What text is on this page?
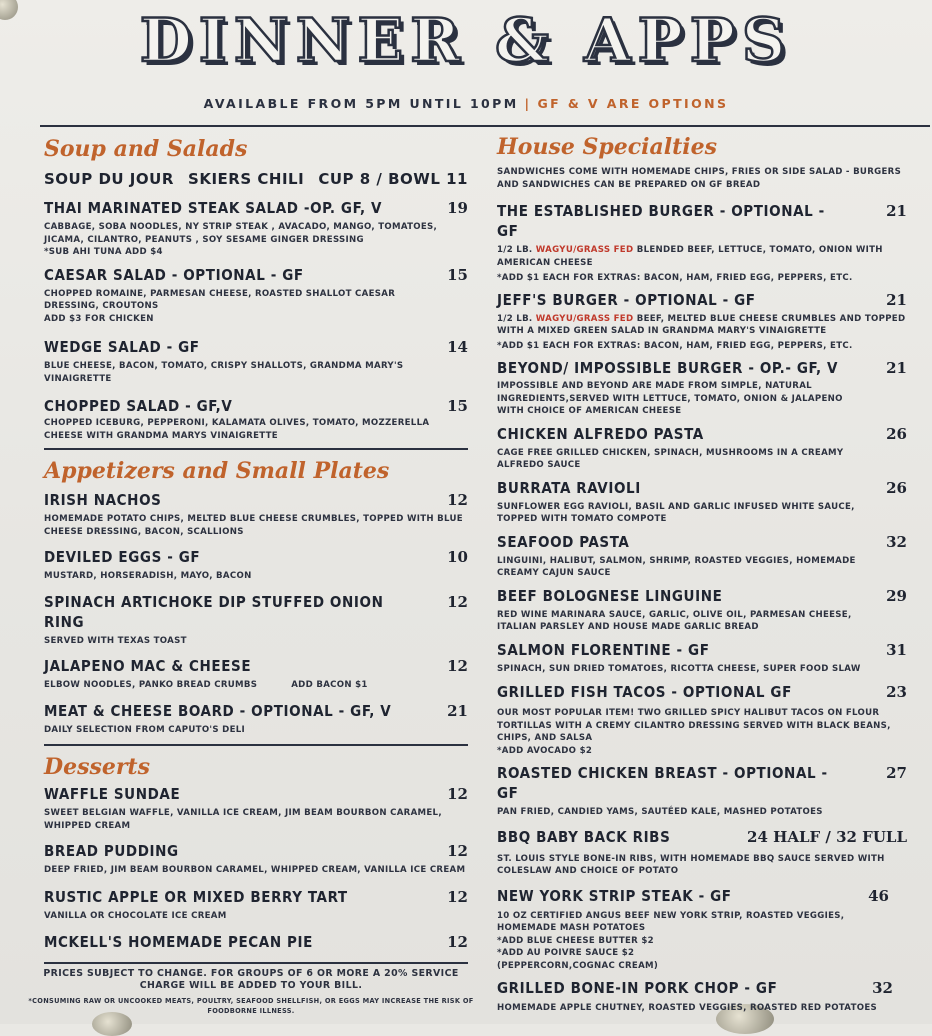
DINNER & APPS
AVAILABLE FROM 5PM UNTIL 10PM | GF & V ARE OPTIONS
Soup and Salads
SOUP DU JOUR SKIERS CHILI CUP 8 / BOWL 11
THAI MARINATED STEAK SALAD -OP. GF, V	19
CABBAGE, SOBA NOODLES, NY STRIP STEAK , AVACADO, MANGO, TOMATOES, JICAMA, CILANTRO, PEANUTS , SOY SESAME GINGER DRESSING
*SUB AHI TUNA ADD $4
CAESAR SALAD - OPTIONAL - GF	15
CHOPPED ROMAINE, PARMESAN CHEESE, ROASTED SHALLOT CAESAR DRESSING, CROUTONS
ADD $3 FOR CHICKEN
WEDGE SALAD - GF	14
BLUE CHEESE, BACON, TOMATO, CRISPY SHALLOTS, GRANDMA MARY'S VINAIGRETTE
CHOPPED SALAD - GF,V	15
CHOPPED ICEBURG, PEPPERONI, KALAMATA OLIVES, TOMATO, MOZZERELLA CHEESE WITH GRANDMA MARYS VINAIGRETTE
Appetizers and Small Plates
IRISH NACHOS	12
HOMEMADE POTATO CHIPS, MELTED BLUE CHEESE CRUMBLES, TOPPED WITH BLUE CHEESE DRESSING, BACON, SCALLIONS
DEVILED EGGS - GF	10
MUSTARD, HORSERADISH, MAYO, BACON
SPINACH ARTICHOKE DIP STUFFED ONION RING
12
SERVED WITH TEXAS TOAST
JALAPENO MAC & CHEESE	12
ELBOW NOODLES, PANKO BREAD CRUMBS	ADD BACON $1
MEAT & CHEESE BOARD - OPTIONAL - GF, V	21
DAILY SELECTION FROM CAPUTO'S DELI
Desserts
WAFFLE SUNDAE	12
SWEET BELGIAN WAFFLE, VANILLA ICE CREAM, JIM BEAM BOURBON CARAMEL, WHIPPED CREAM
BREAD PUDDING	12
DEEP FRIED, JIM BEAM BOURBON CARAMEL, WHIPPED CREAM, VANILLA ICE CREAM
RUSTIC APPLE OR MIXED BERRY TART	12
VANILLA OR CHOCOLATE ICE CREAM
MCKELL'S HOMEMADE PECAN PIE	12
PRICES SUBJECT TO CHANGE. FOR GROUPS OF 6 OR MORE A 20% SERVICE CHARGE WILL BE ADDED TO YOUR BILL.
*CONSUMING RAW OR UNCOOKED MEATS, POULTRY, SEAFOOD SHELLFISH, OR EGGS MAY INCREASE THE RISK OF FOODBORNE ILLNESS.
House Specialties
SANDWICHES COME WITH HOMEMADE CHIPS, FRIES OR SIDE SALAD - BURGERS AND SANDWICHES CAN BE PREPARED ON GF BREAD
THE ESTABLISHED BURGER - OPTIONAL - GF
21
1/2 LB. WAGYU/GRASS FED BLENDED BEEF, LETTUCE, TOMATO, ONION WITH AMERICAN CHEESE
*ADD $1 EACH FOR EXTRAS: BACON, HAM, FRIED EGG, PEPPERS, ETC.
JEFF'S BURGER - OPTIONAL - GF	21
1/2 LB. WAGYU/GRASS FED BEEF, MELTED BLUE CHEESE CRUMBLES AND TOPPED WITH A MIXED GREEN SALAD IN GRANDMA MARY'S VINAIGRETTE
*ADD $1 EACH FOR EXTRAS: BACON, HAM, FRIED EGG, PEPPERS, ETC.
BEYOND/ IMPOSSIBLE BURGER - OP.- GF, V	21
IMPOSSIBLE AND BEYOND ARE MADE FROM SIMPLE, NATURAL INGREDIENTS,SERVED WITH LETTUCE, TOMATO, ONION & JALAPENO WITH CHOICE OF AMERICAN CHEESE
CHICKEN ALFREDO PASTA	26
CAGE FREE GRILLED CHICKEN, SPINACH, MUSHROOMS IN A CREAMY ALFREDO SAUCE
BURRATA RAVIOLI	26
SUNFLOWER EGG RAVIOLI, BASIL AND GARLIC INFUSED WHITE SAUCE, TOPPED WITH TOMATO COMPOTE
SEAFOOD PASTA	32
LINGUINI, HALIBUT, SALMON, SHRIMP, ROASTED VEGGIES, HOMEMADE CREAMY CAJUN SAUCE
BEEF BOLOGNESE LINGUINE	29
RED WINE MARINARA SAUCE, GARLIC, OLIVE OIL, PARMESAN CHEESE, ITALIAN PARSLEY AND HOUSE MADE GARLIC BREAD
SALMON FLORENTINE - GF	31
SPINACH, SUN DRIED TOMATOES, RICOTTA CHEESE, SUPER FOOD SLAW
GRILLED FISH TACOS - OPTIONAL GF	23
OUR MOST POPULAR ITEM! TWO GRILLED SPICY HALIBUT TACOS ON FLOUR TORTILLAS WITH A CREMY CILANTRO DRESSING SERVED WITH BLACK BEANS, CHIPS, AND SALSA
*ADD AVOCADO $2
ROASTED CHICKEN BREAST - OPTIONAL - GF
27
PAN FRIED, CANDIED YAMS, SAUTÉED KALE, MASHED POTATOES
BBQ BABY BACK RIBS	24 HALF / 32 FULL
ST. LOUIS STYLE BONE-IN RIBS, WITH HOMEMADE BBQ SAUCE SERVED WITH COLESLAW AND CHOICE OF POTATO
NEW YORK STRIP STEAK - GF	46
10 OZ CERTIFIED ANGUS BEEF NEW YORK STRIP, ROASTED VEGGIES, HOMEMADE MASH POTATOES
*ADD BLUE CHEESE BUTTER $2
*ADD AU POIVRE SAUCE $2 (PEPPERCORN,COGNAC CREAM)
GRILLED BONE-IN PORK CHOP - GF	32
HOMEMADE APPLE CHUTNEY, ROASTED VEGGIES, ROASTED RED POTATOES
